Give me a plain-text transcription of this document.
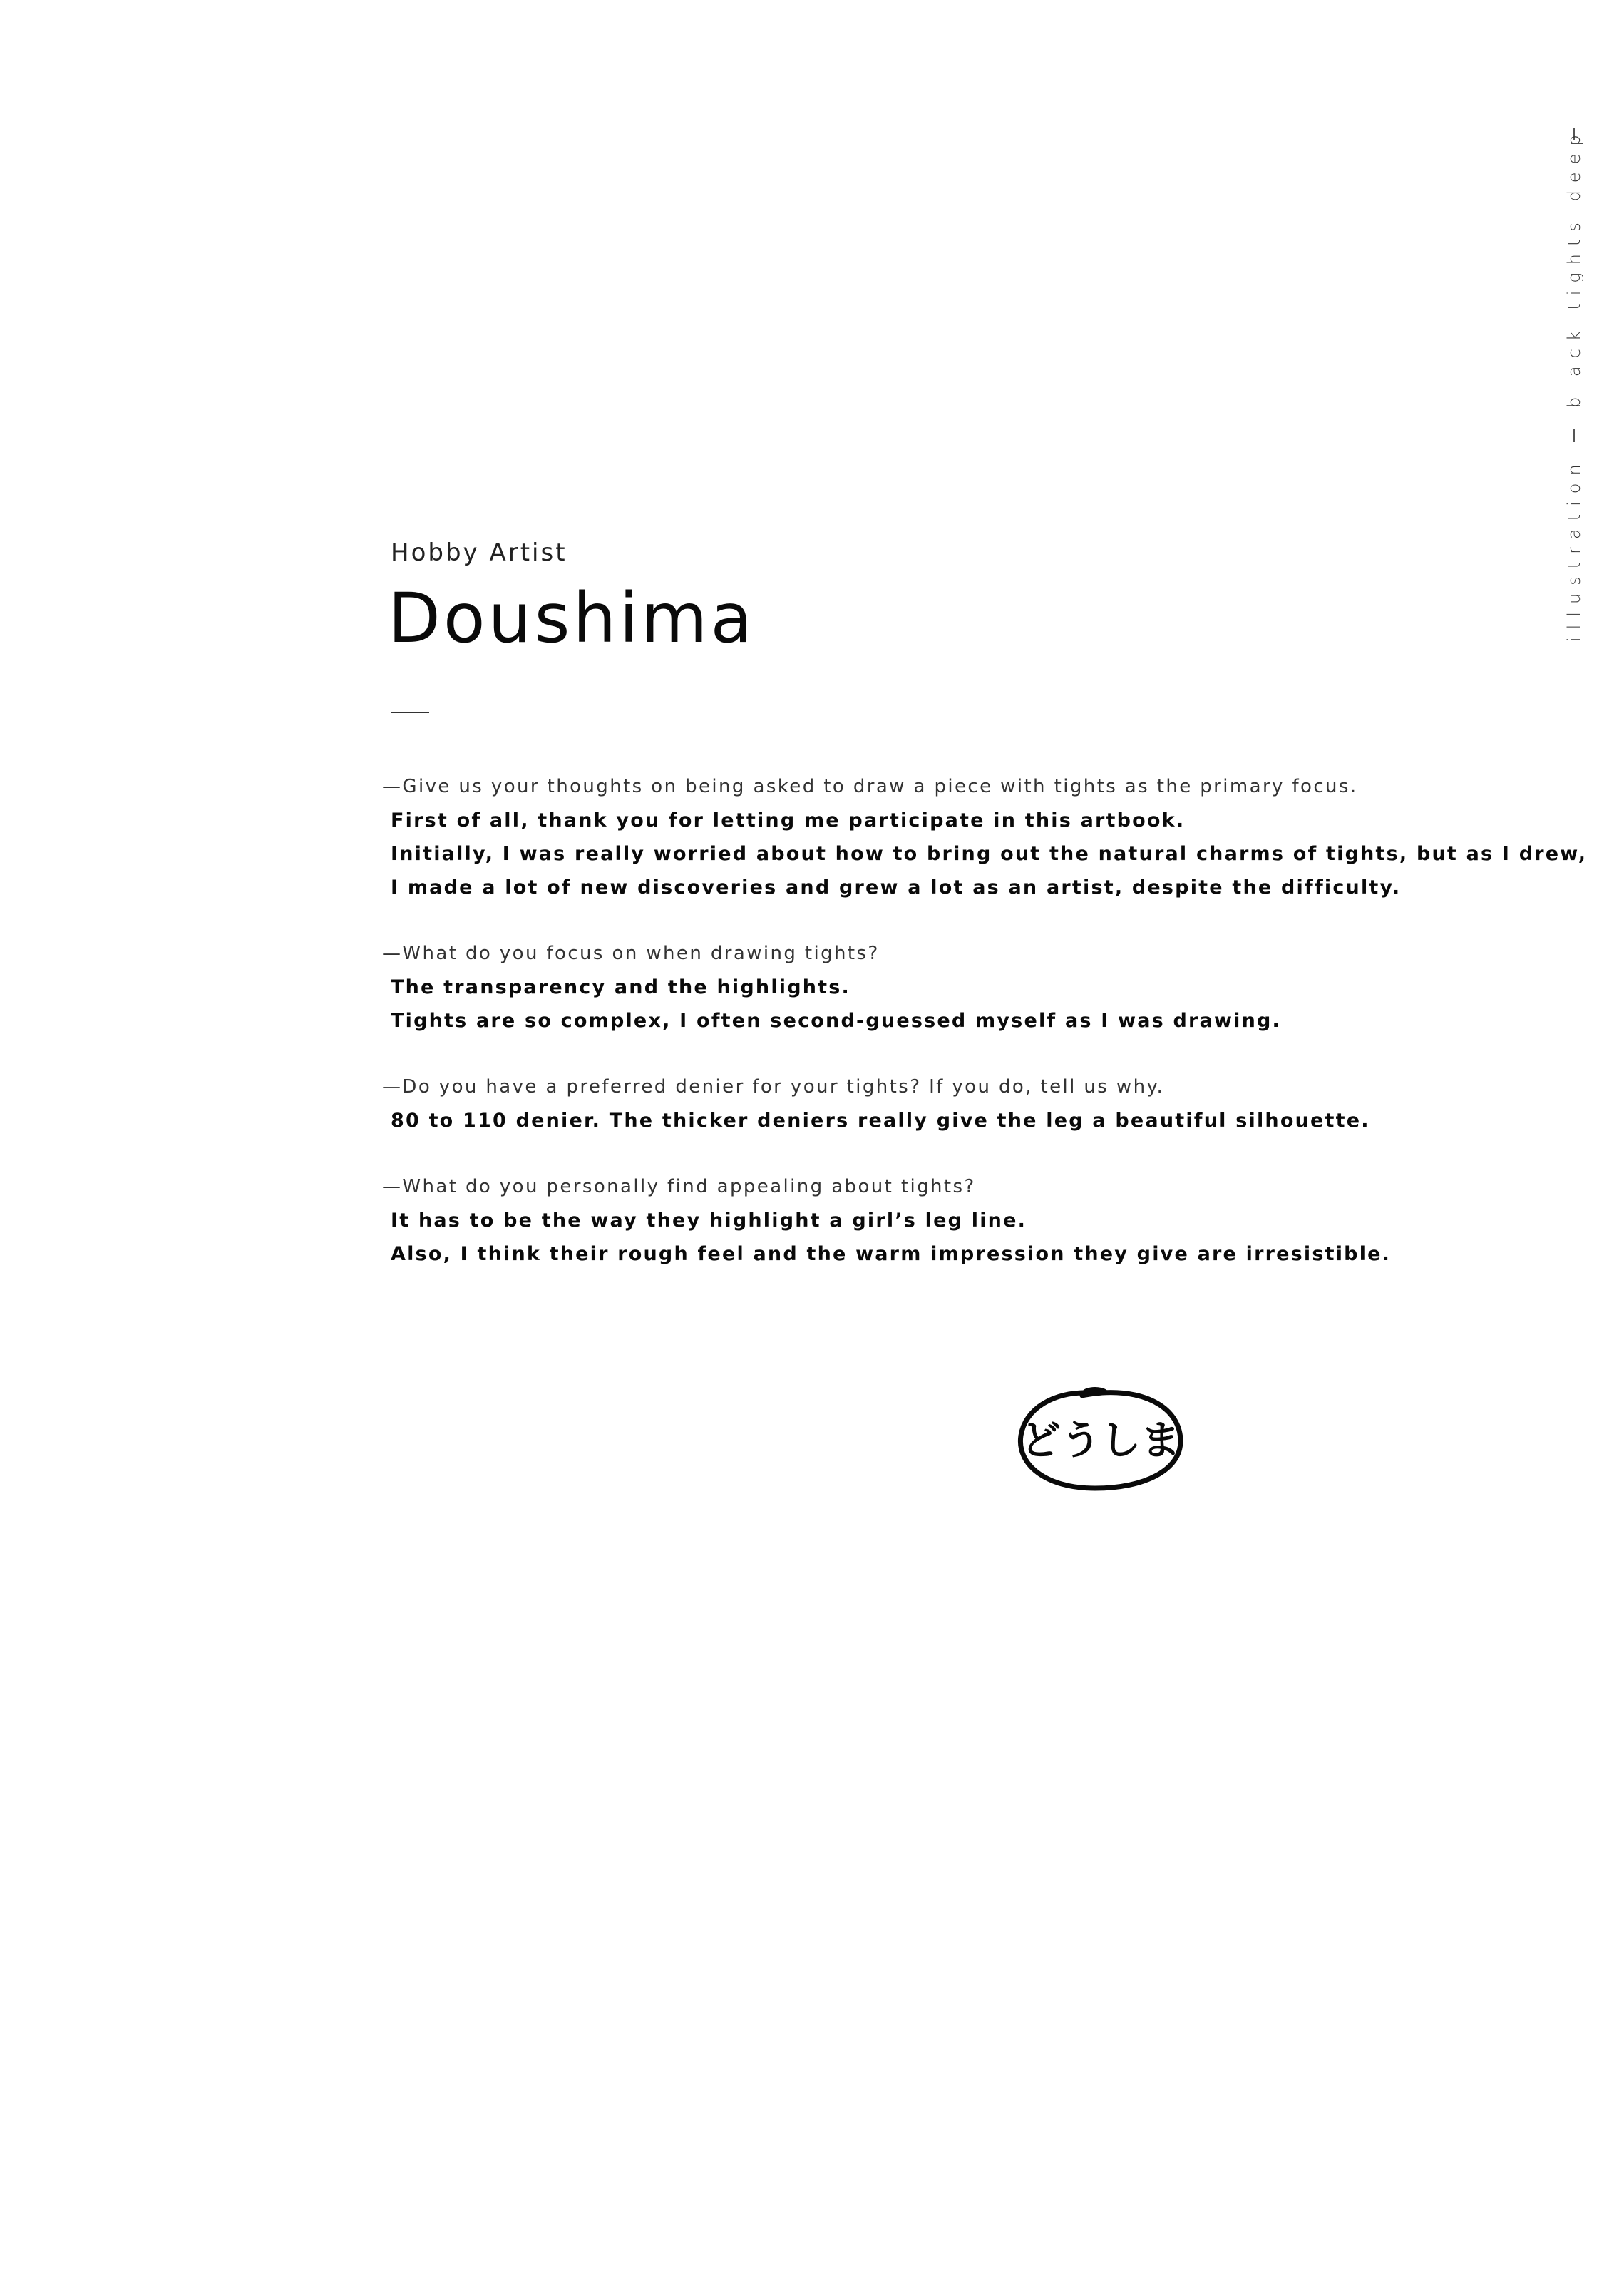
black tights deep
illustration
Hobby Artist
Doushima
—Give us your thoughts on being asked to draw a piece with tights as the primary focus.
First of all, thank you for letting me participate in this artbook.
Initially, I was really worried about how to bring out the natural charms of tights, but as I drew,
I made a lot of new discoveries and grew a lot as an artist, despite the difficulty.
—What do you focus on when drawing tights?
The transparency and the highlights.
Tights are so complex, I often second-guessed myself as I was drawing.
—Do you have a preferred denier for your tights? If you do, tell us why.
80 to 110 denier. The thicker deniers really give the leg a beautiful silhouette.
—What do you personally find appealing about tights?
It has to be the way they highlight a girl’s leg line.
Also, I think their rough feel and the warm impression they give are irresistible.
どうしま
